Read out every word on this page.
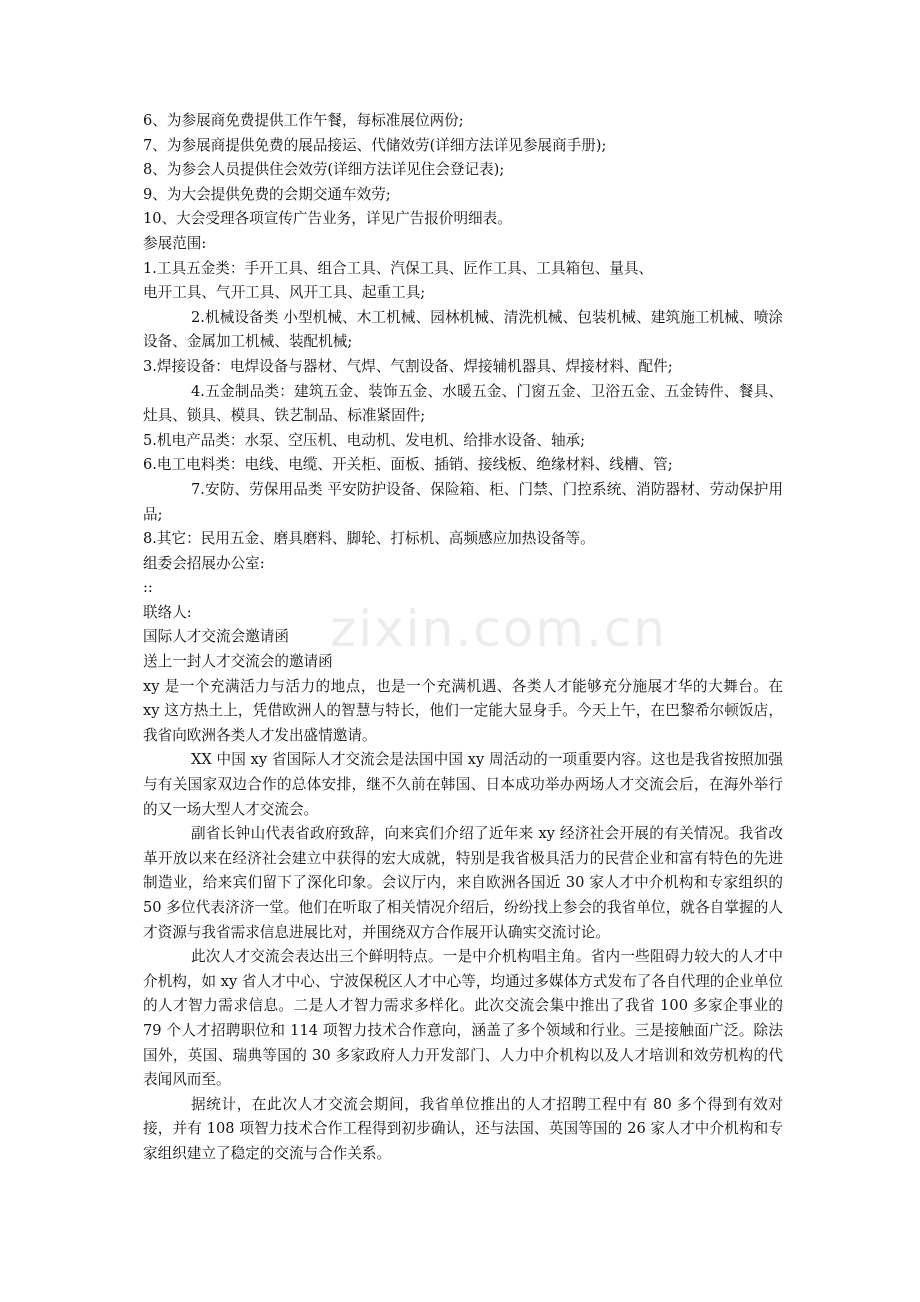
6、为参展商免费提供工作午餐，每标准展位两份;

7、为参展商提供免费的展品接运、代储效劳(详细方法详见参展商手册);

8、为参会人员提供住会效劳(详细方法详见住会登记表);

9、为大会提供免费的会期交通车效劳;

10、大会受理各项宣传广告业务，详见广告报价明细表。

参展范围:

1.工具五金类：手开工具、组合工具、汽保工具、匠作工具、工具箱包、量具、

电开工具、气开工具、风开工具、起重工具;

2.机械设备类 小型机械、木工机械、园林机械、清洗机械、包装机械、建筑施工机械、喷涂设备、金属加工机械、装配机械;

3.焊接设备：电焊设备与器材、气焊、气割设备、焊接辅机器具、焊接材料、配件;

4.五金制品类：建筑五金、装饰五金、水暖五金、门窗五金、卫浴五金、五金铸件、餐具、灶具、锁具、模具、铁艺制品、标准紧固件;

5.机电产品类：水泵、空压机、电动机、发电机、给排水设备、轴承;

6.电工电料类：电线、电缆、开关柜、面板、插销、接线板、绝缘材料、线槽、管;

7.安防、劳保用品类 平安防护设备、保险箱、柜、门禁、门控系统、消防器材、劳动保护用品;

8.其它：民用五金、磨具磨料、脚轮、打标机、高频感应加热设备等。

组委会招展办公室:

::

联络人:

国际人才交流会邀请函

送上一封人才交流会的邀请函

xy 是一个充满活力与活力的地点，也是一个充满机遇、各类人才能够充分施展才华的大舞台。在 xy 这方热土上，凭借欧洲人的智慧与特长，他们一定能大显身手。今天上午，在巴黎希尔顿饭店，我省向欧洲各类人才发出盛情邀请。

XX 中国 xy 省国际人才交流会是法国中国 xy 周活动的一项重要内容。这也是我省按照加强与有关国家双边合作的总体安排，继不久前在韩国、日本成功举办两场人才交流会后，在海外举行的又一场大型人才交流会。

副省长钟山代表省政府致辞，向来宾们介绍了近年来 xy 经济社会开展的有关情况。我省改革开放以来在经济社会建立中获得的宏大成就，特别是我省极具活力的民营企业和富有特色的先进制造业，给来宾们留下了深化印象。会议厅内，来自欧洲各国近 30 家人才中介机构和专家组织的 50 多位代表济济一堂。他们在听取了相关情况介绍后，纷纷找上参会的我省单位，就各自掌握的人才资源与我省需求信息进展比对，并围绕双方合作展开认确实交流讨论。

此次人才交流会表达出三个鲜明特点。一是中介机构唱主角。省内一些阻碍力较大的人才中介机构，如 xy 省人才中心、宁波保税区人才中心等，均通过多媒体方式发布了各自代理的企业单位的人才智力需求信息。二是人才智力需求多样化。此次交流会集中推出了我省 100 多家企事业的 79 个人才招聘职位和 114 项智力技术合作意向，涵盖了多个领域和行业。三是接触面广泛。除法国外，英国、瑞典等国的 30 多家政府人力开发部门、人力中介机构以及人才培训和效劳机构的代表闻风而至。

据统计，在此次人才交流会期间，我省单位推出的人才招聘工程中有 80 多个得到有效对接，并有 108 项智力技术合作工程得到初步确认，还与法国、英国等国的 26 家人才中介机构和专家组织建立了稳定的交流与合作关系。

zixin.com.cn
